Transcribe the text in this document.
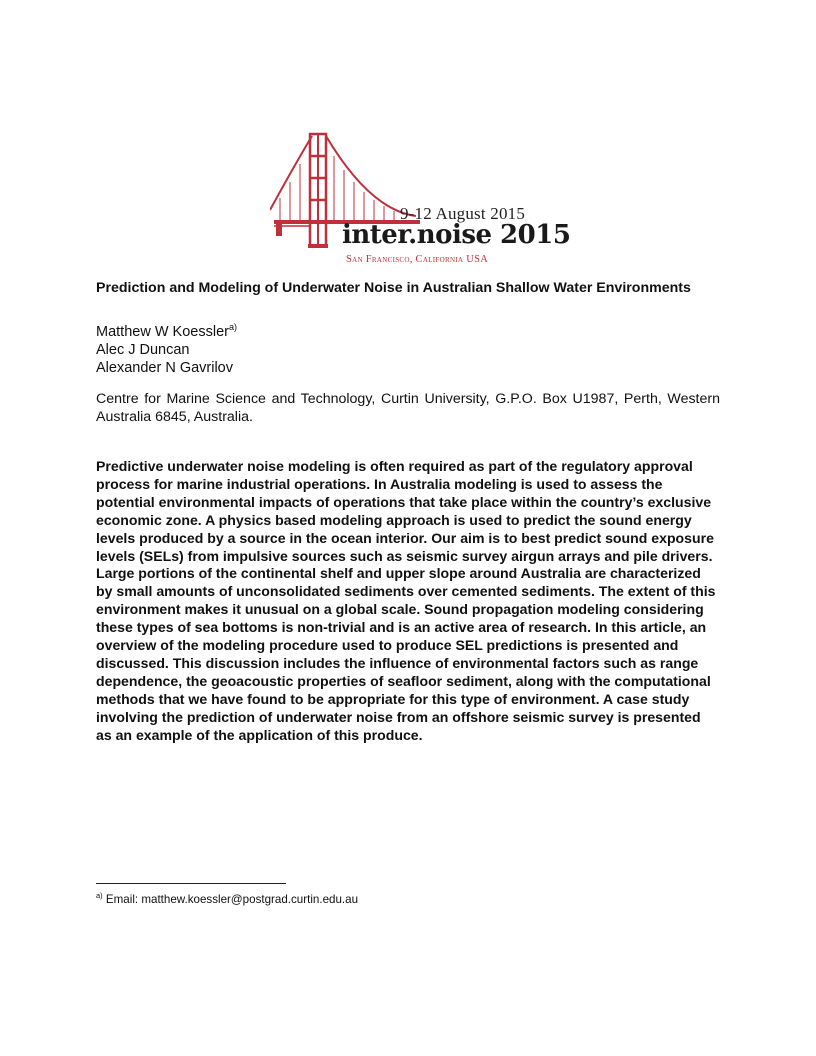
9-12 August 2015
inter.noise 2015
San Francisco, California USA
Prediction and Modeling of Underwater Noise in Australian Shallow Water Environments
Matthew W Koessler$^{a)}$
Alec J Duncan
Alexander N Gavrilov
Centre for Marine Science and Technology, Curtin University, G.P.O. Box U1987, Perth, Western Australia 6845, Australia.

Predictive underwater noise modeling is often required as part of the regulatory approval process for marine industrial operations. In Australia modeling is used to assess the potential environmental impacts of operations that take place within the country’s exclusive economic zone. A physics based modeling approach is used to predict the sound energy levels produced by a source in the ocean interior. Our aim is to best predict sound exposure levels (SELs) from impulsive sources such as seismic survey airgun arrays and pile drivers. Large portions of the continental shelf and upper slope around Australia are characterized by small amounts of unconsolidated sediments over cemented sediments. The extent of this environment makes it unusual on a global scale. Sound propagation modeling considering these types of sea bottoms is non-trivial and is an active area of research. In this article, an overview of the modeling procedure used to produce SEL predictions is presented and discussed. This discussion includes the influence of environmental factors such as range dependence, the geoacoustic properties of seafloor sediment, along with the computational methods that we have found to be appropriate for this type of environment. A case study involving the prediction of underwater noise from an offshore seismic survey is presented as an example of the application of this produce.

$^{a)}$ Email: matthew.koessler@postgrad.curtin.edu.au
